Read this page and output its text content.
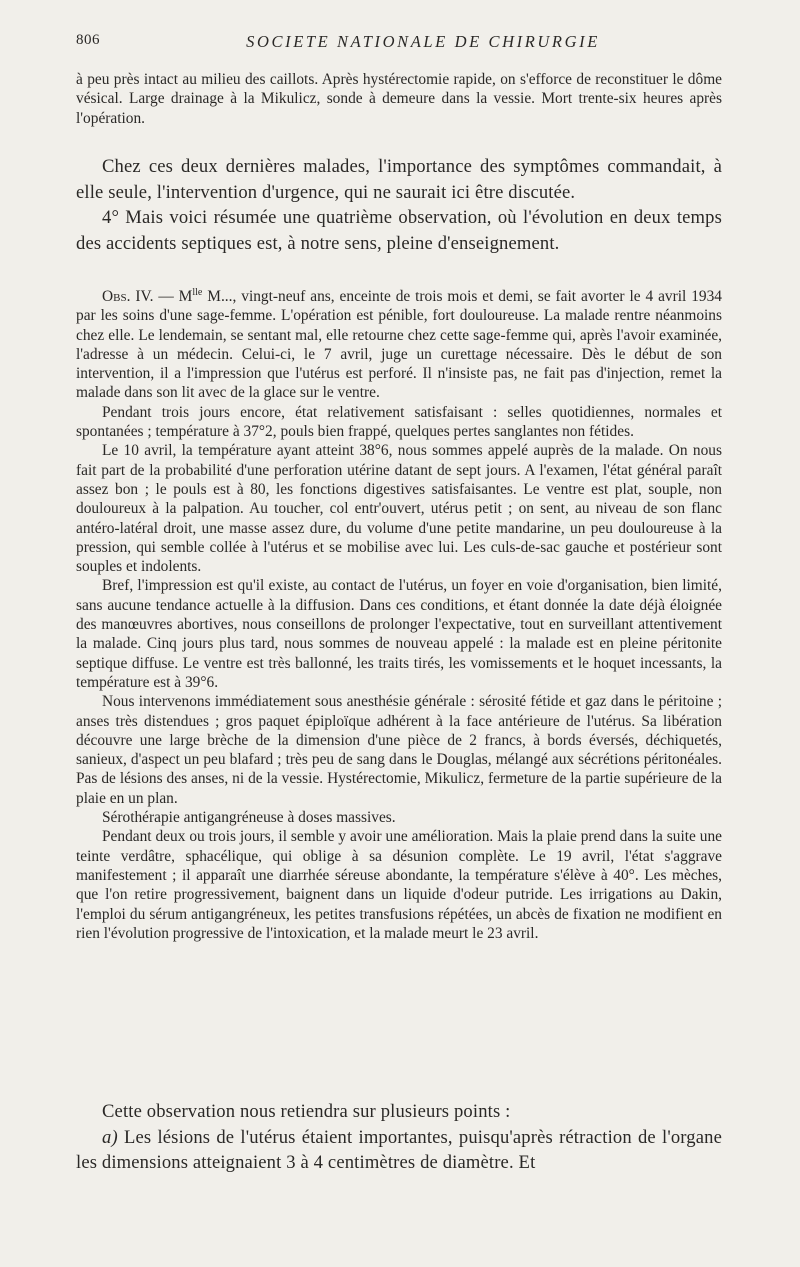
806	SOCIETE NATIONALE DE CHIRURGIE

à peu près intact au milieu des caillots. Après hystérectomie rapide, on s'efforce de reconstituer le dôme vésical. Large drainage à la Mikulicz, sonde à demeure dans la vessie. Mort trente-six heures après l'opération.

Chez ces deux dernières malades, l'importance des symptômes commandait, à elle seule, l'intervention d'urgence, qui ne saurait ici être discutée.

4° Mais voici résumée une quatrième observation, où l'évolution en deux temps des accidents septiques est, à notre sens, pleine d'enseignement.

Obs. IV. — $M^{lle}$ M..., vingt-neuf ans, enceinte de trois mois et demi, se fait avorter le 4 avril 1934 par les soins d'une sage-femme. L'opération est pénible, fort douloureuse. La malade rentre néanmoins chez elle. Le lendemain, se sentant mal, elle retourne chez cette sage-femme qui, après l'avoir examinée, l'adresse à un médecin. Celui-ci, le 7 avril, juge un curettage nécessaire. Dès le début de son intervention, il a l'impression que l'utérus est perforé. Il n'insiste pas, ne fait pas d'injection, remet la malade dans son lit avec de la glace sur le ventre.

Pendant trois jours encore, état relativement satisfaisant : selles quotidiennes, normales et spontanées ; température à 37°2, pouls bien frappé, quelques pertes sanglantes non fétides.

Le 10 avril, la température ayant atteint 38°6, nous sommes appelé auprès de la malade. On nous fait part de la probabilité d'une perforation utérine datant de sept jours. A l'examen, l'état général paraît assez bon ; le pouls est à 80, les fonctions digestives satisfaisantes. Le ventre est plat, souple, non douloureux à la palpation. Au toucher, col entr'ouvert, utérus petit ; on sent, au niveau de son flanc antéro-latéral droit, une masse assez dure, du volume d'une petite mandarine, un peu douloureuse à la pression, qui semble collée à l'utérus et se mobilise avec lui. Les culs-de-sac gauche et postérieur sont souples et indolents.

Bref, l'impression est qu'il existe, au contact de l'utérus, un foyer en voie d'organisation, bien limité, sans aucune tendance actuelle à la diffusion. Dans ces conditions, et étant donnée la date déjà éloignée des manœuvres abortives, nous conseillons de prolonger l'expectative, tout en surveillant attentivement la malade. Cinq jours plus tard, nous sommes de nouveau appelé : la malade est en pleine péritonite septique diffuse. Le ventre est très ballonné, les traits tirés, les vomissements et le hoquet incessants, la température est à 39°6.

Nous intervenons immédiatement sous anesthésie générale : sérosité fétide et gaz dans le péritoine ; anses très distendues ; gros paquet épiploïque adhérent à la face antérieure de l'utérus. Sa libération découvre une large brèche de la dimension d'une pièce de 2 francs, à bords éversés, déchiquetés, sanieux, d'aspect un peu blafard ; très peu de sang dans le Douglas, mélangé aux sécrétions péritonéales. Pas de lésions des anses, ni de la vessie. Hystérectomie, Mikulicz, fermeture de la partie supérieure de la plaie en un plan.

Sérothérapie antigangréneuse à doses massives.

Pendant deux ou trois jours, il semble y avoir une amélioration. Mais la plaie prend dans la suite une teinte verdâtre, sphacélique, qui oblige à sa désunion complète. Le 19 avril, l'état s'aggrave manifestement ; il apparaît une diarrhée séreuse abondante, la température s'élève à 40°. Les mèches, que l'on retire progressivement, baignent dans un liquide d'odeur putride. Les irrigations au Dakin, l'emploi du sérum antigangréneux, les petites transfusions répétées, un abcès de fixation ne modifient en rien l'évolution progressive de l'intoxication, et la malade meurt le 23 avril.

Cette observation nous retiendra sur plusieurs points :

a) Les lésions de l'utérus étaient importantes, puisqu'après rétraction de l'organe les dimensions atteignaient 3 à 4 centimètres de diamètre. Et
